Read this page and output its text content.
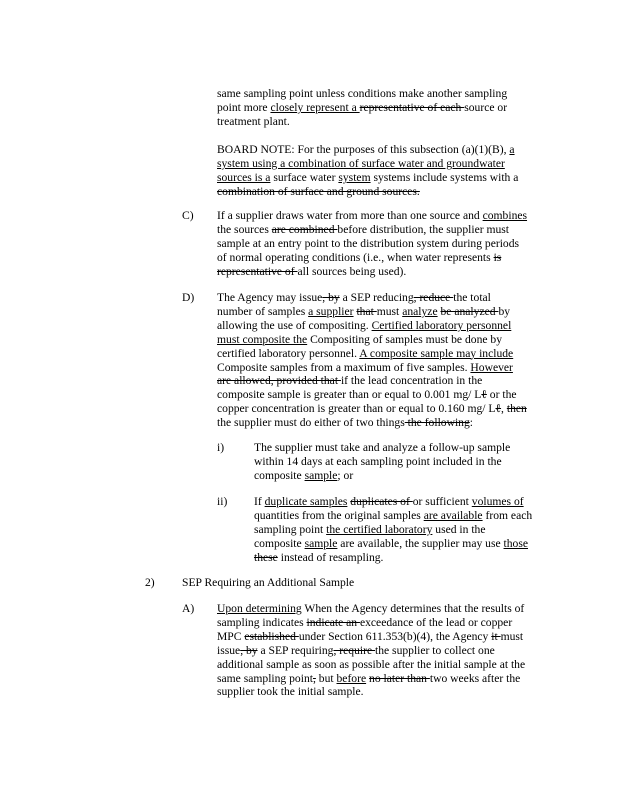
same sampling point unless conditions make another sampling
point more closely represent a representative of each source or
treatment plant.
BOARD NOTE: For the purposes of this subsection (a)(1)(B), a
system using a combination of surface water and groundwater
sources is a surface water system systems include systems with a
combination of surface and ground sources.
C) If a supplier draws water from more than one source and combines
the sources are combined before distribution, the supplier must
sample at an entry point to the distribution system during periods
of normal operating conditions (i.e., when water represents is
representative of all sources being used).
D) The Agency may issue, by a SEP reducing, reduce the total
number of samples a supplier that must analyze be analyzed by
allowing the use of compositing. Certified laboratory personnel
must composite the Compositing of samples must be done by
certified laboratory personnel. A composite sample may include
Composite samples from a maximum of five samples. However
are allowed, provided that if the lead concentration in the
composite sample is greater than or equal to 0.001 mg/ Lℓ or the
copper concentration is greater than or equal to 0.160 mg/ Lℓ, then
the supplier must do either of two things the following:
i)	The supplier must take and analyze a follow-up sample
within 14 days at each sampling point included in the
composite sample; or
ii) If duplicate samples duplicates of or sufficient volumes of
quantities from the original samples are available from each
sampling point the certified laboratory used in the
composite sample are available, the supplier may use those
these instead of resampling.
2) SEP Requiring an Additional Sample
A) Upon determining When the Agency determines that the results of
sampling indicates indicate an exceedance of the lead or copper
MPC established under Section 611.353(b)(4), the Agency it must
issue, by a SEP requiring, require the supplier to collect one
additional sample as soon as possible after the initial sample at the
same sampling point, but before no later than two weeks after the
supplier took the initial sample.
